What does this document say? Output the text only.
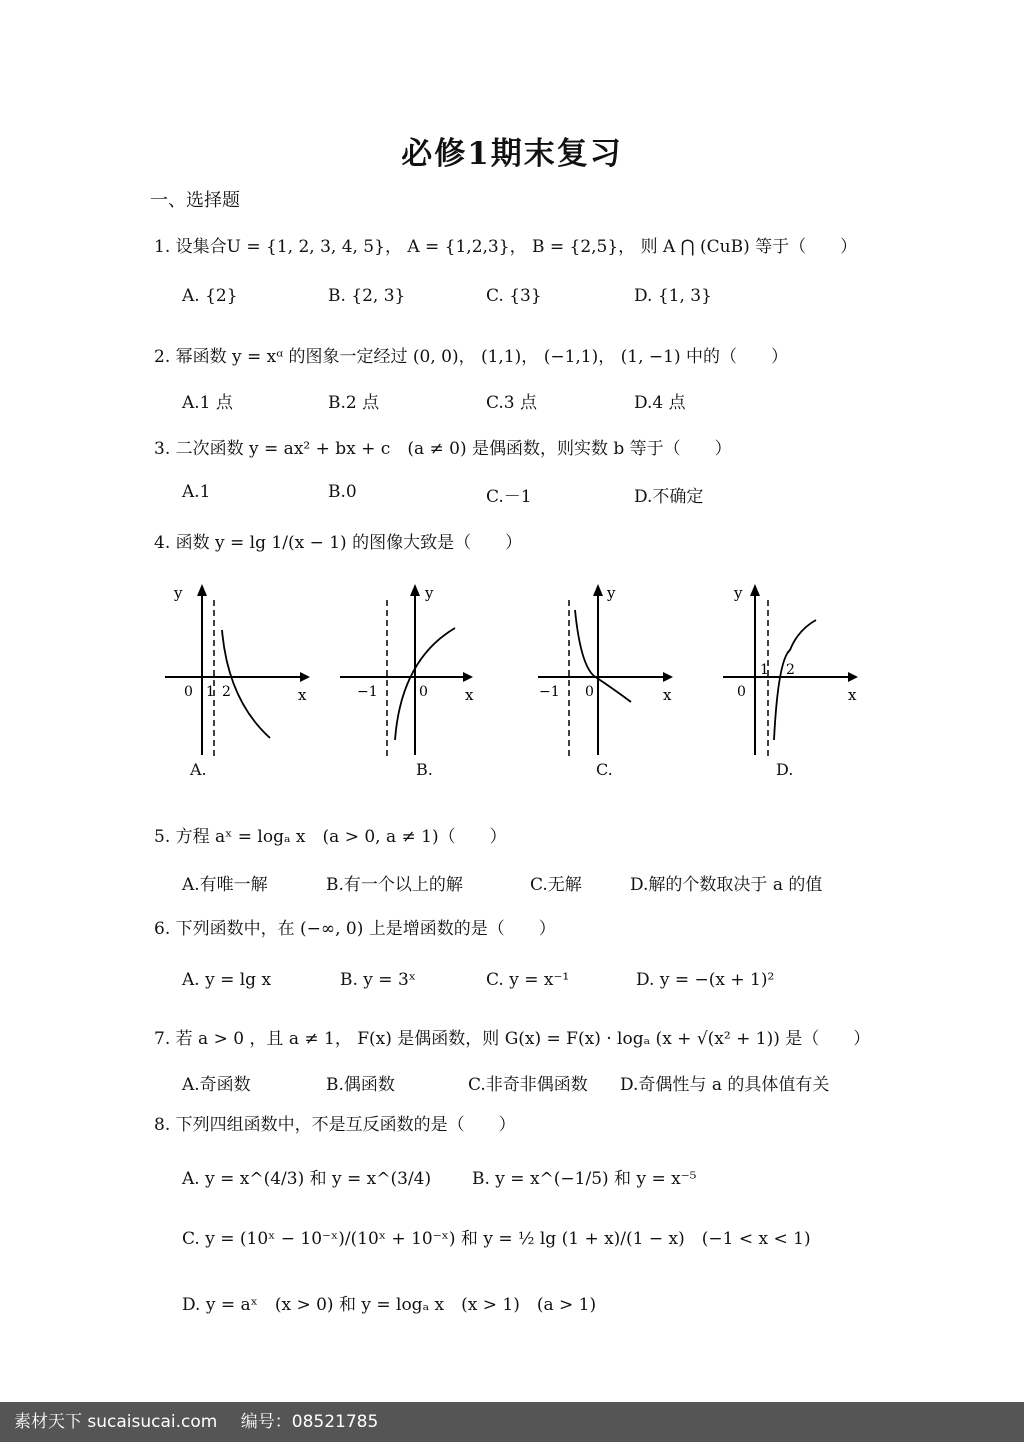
必修1期末复习
一、选择题
1. 设集合U = {1, 2, 3, 4, 5}， A = {1,2,3}， B = {2,5}， 则 A ⋂ (CuB) 等于（　　）
A. {2}	B. {2, 3}	C. {3}	D. {1, 3}
2. 幂函数 y = xᵅ 的图象一定经过 (0, 0)， (1,1)， (−1,1)， (1, −1) 中的（　　）
A.1 点	B.2 点	C.3 点	D.4 点
3. 二次函数 y = ax² + bx + c　(a ≠ 0) 是偶函数，则实数 b 等于（　　）
A.1	B.0	C.－1	D.不确定
4. 函数 y = lg 1/(x − 1) 的图像大致是（　　）
y
x
0 1 2
A.
y
x
−1	0
B.
y
x
−1 0
C.
y
x
0
1 2
D.
5. 方程 aˣ = logₐ x　(a > 0, a ≠ 1)（　　）
A.有唯一解	B.有一个以上的解	C.无解	D.解的个数取决于 a 的值
6. 下列函数中，在 (−∞, 0) 上是增函数的是（　　）
A. y = lg x	B. y = 3ˣ	C. y = x⁻¹	D. y = −(x + 1)²
7. 若 a > 0 ，且 a ≠ 1， F(x) 是偶函数，则 G(x) = F(x) · logₐ (x + √(x² + 1)) 是（　　）
A.奇函数	B.偶函数	C.非奇非偶函数 D.奇偶性与 a 的具体值有关
8. 下列四组函数中，不是互反函数的是（　　）
A. y = x^(4/3) 和 y = x^(3/4) B. y = x^(−1/5) 和 y = x⁻⁵
C. y = (10ˣ − 10⁻ˣ)/(10ˣ + 10⁻ˣ) 和 y = ½ lg (1 + x)/(1 − x)　(−1 < x < 1)
D. y = aˣ　(x > 0) 和 y = logₐ x　(x > 1)　(a > 1)
素材天下 sucaisucai.com 编号：08521785
